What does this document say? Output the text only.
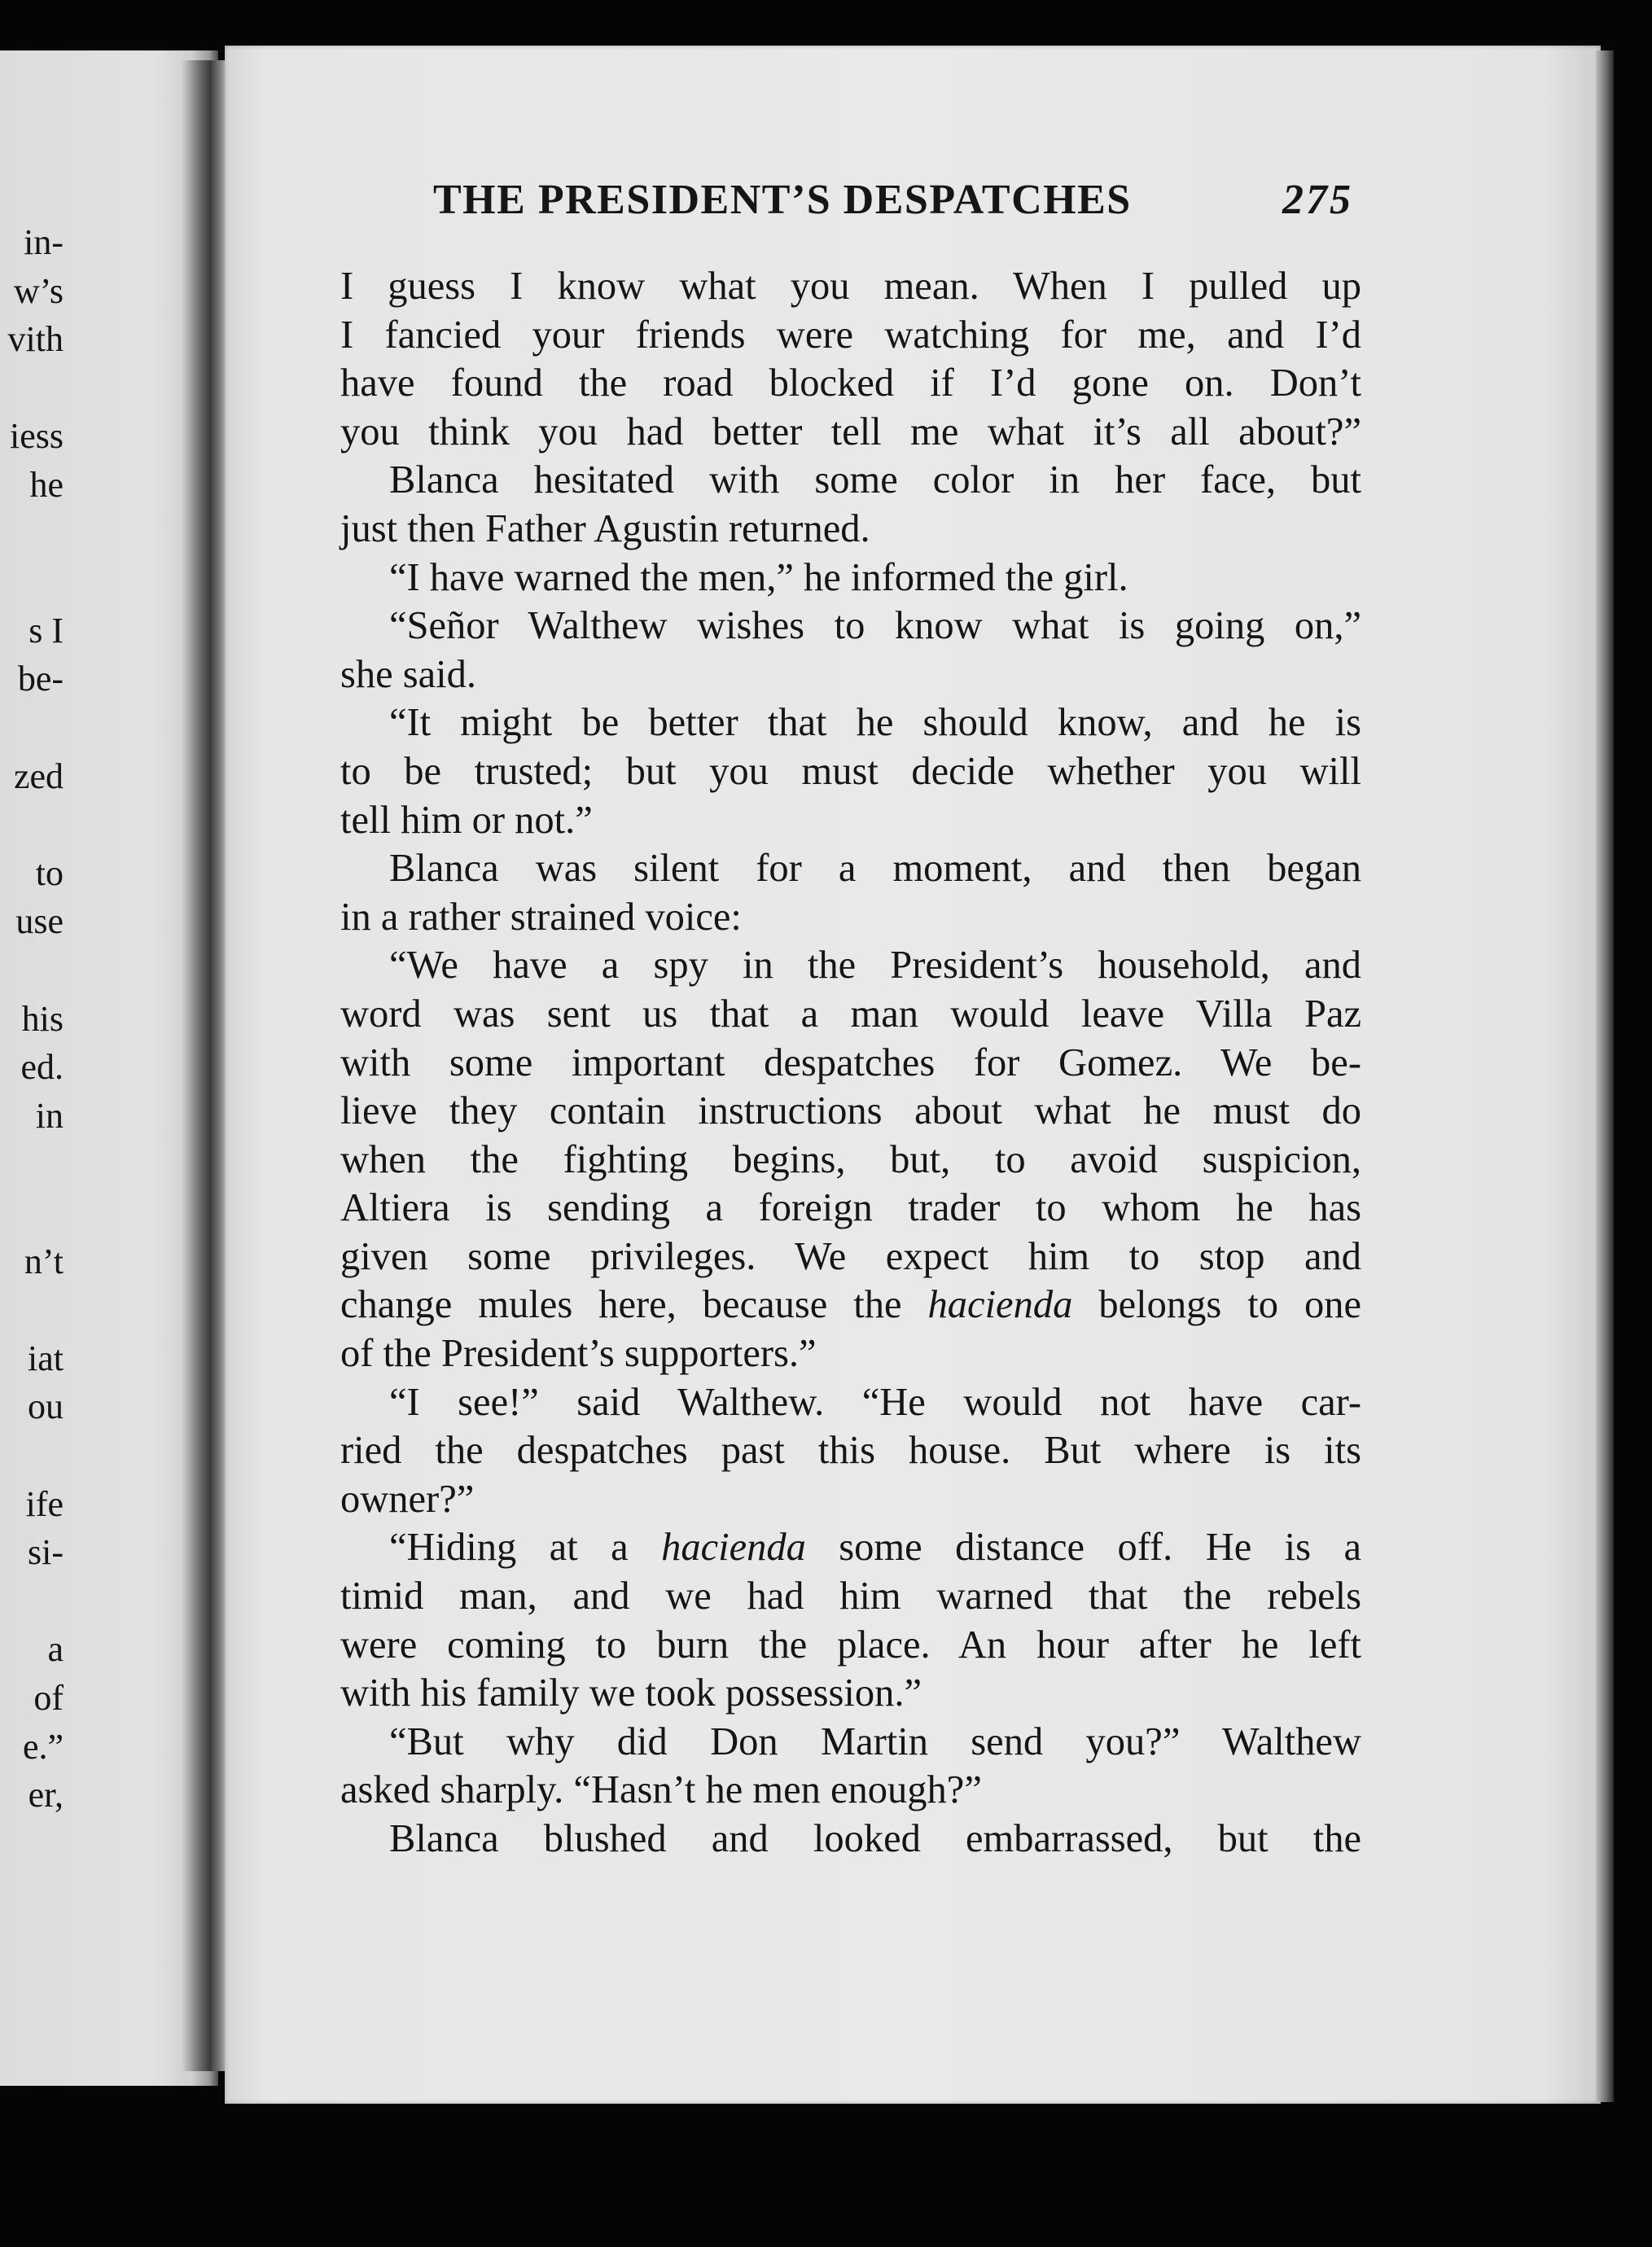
in-
w’s
vith
iess
he
s I
be-
zed
to
use
his
ed.
in
n’t
iat
ou
ife
si-
a
of
e.”
er,
THE PRESIDENT’S DESPATCHES	275
I guess I know what you mean. When I pulled up
I fancied your friends were watching for me, and I’d
have found the road blocked if I’d gone on. Don’t
you think you had better tell me what it’s all about?”
Blanca hesitated with some color in her face, but
just then Father Agustin returned.
“I have warned the men,” he informed the girl.
“Señor Walthew wishes to know what is going on,”
she said.
“It might be better that he should know, and he is
to be trusted; but you must decide whether you will
tell him or not.”
Blanca was silent for a moment, and then began
in a rather strained voice:
“We have a spy in the President’s household, and
word was sent us that a man would leave Villa Paz
with some important despatches for Gomez. We be-
lieve they contain instructions about what he must do
when the fighting begins, but, to avoid suspicion,
Altiera is sending a foreign trader to whom he has
given some privileges. We expect him to stop and
change mules here, because the hacienda belongs to one
of the President’s supporters.”
“I see!” said Walthew. “He would not have car-
ried the despatches past this house. But where is its
owner?”
“Hiding at a hacienda some distance off. He is a
timid man, and we had him warned that the rebels
were coming to burn the place. An hour after he left
with his family we took possession.”
“But why did Don Martin send you?” Walthew
asked sharply. “Hasn’t he men enough?”
Blanca blushed and looked embarrassed, but the
